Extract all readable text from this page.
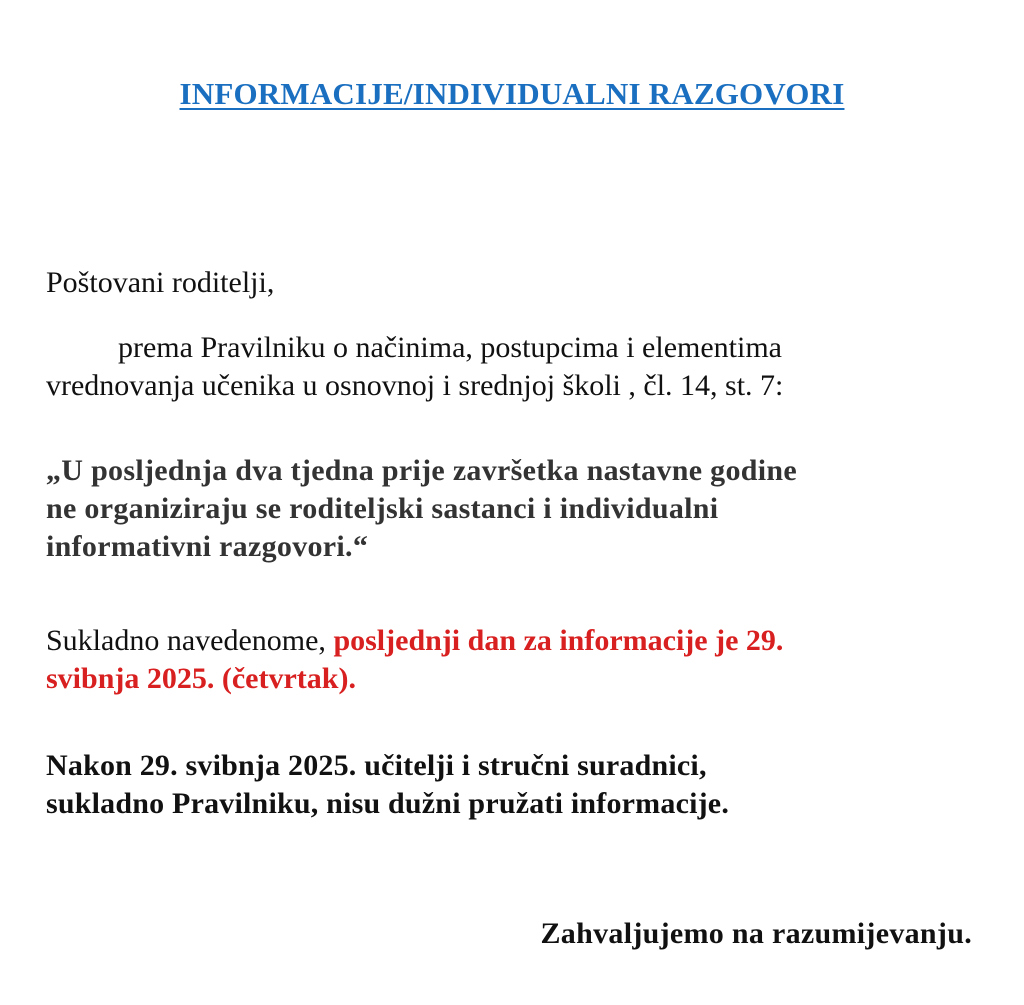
INFORMACIJE/INDIVIDUALNI RAZGOVORI

Poštovani roditelji,

prema Pravilniku o načinima, postupcima i elementima
vrednovanja učenika u osnovnoj i srednjoj školi , čl. 14, st. 7:

„U posljednja dva tjedna prije završetka nastavne godine
ne organiziraju se roditeljski sastanci i individualni
informativni razgovori.“

Sukladno navedenome, posljednji dan za informacije je 29.
svibnja 2025. (četvrtak).

Nakon 29. svibnja 2025. učitelji i stručni suradnici,
sukladno Pravilniku, nisu dužni pružati informacije.

Zahvaljujemo na razumijevanju.
